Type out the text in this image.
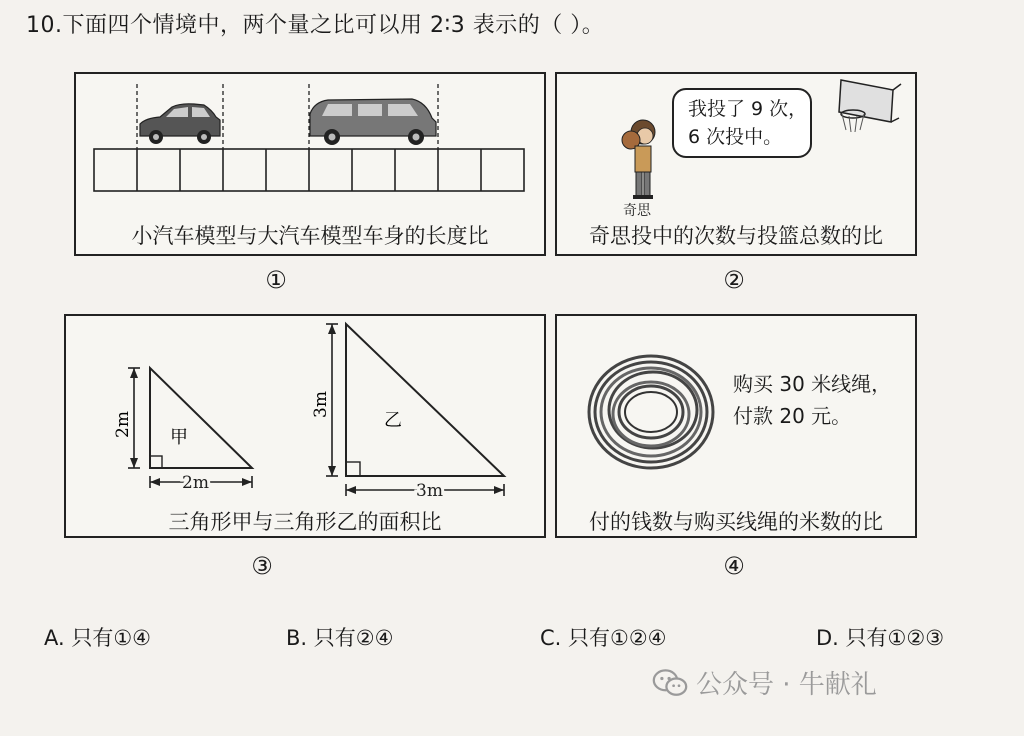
10.下面四个情境中，两个量之比可以用 2∶3 表示的（ ）。
小汽车模型与大汽车模型车身的长度比
①
奇思
我投了 9 次，
6 次投中。
奇思投中的次数与投篮总数的比
②
甲
乙
2m
2m
3m
3m
三角形甲与三角形乙的面积比
③
购买 30 米线绳，
付款 20 元。
付的钱数与购买线绳的米数的比
④
A. 只有①④	B. 只有②④	C. 只有①②④	D. 只有①②③
公众号 · 牛献礼
